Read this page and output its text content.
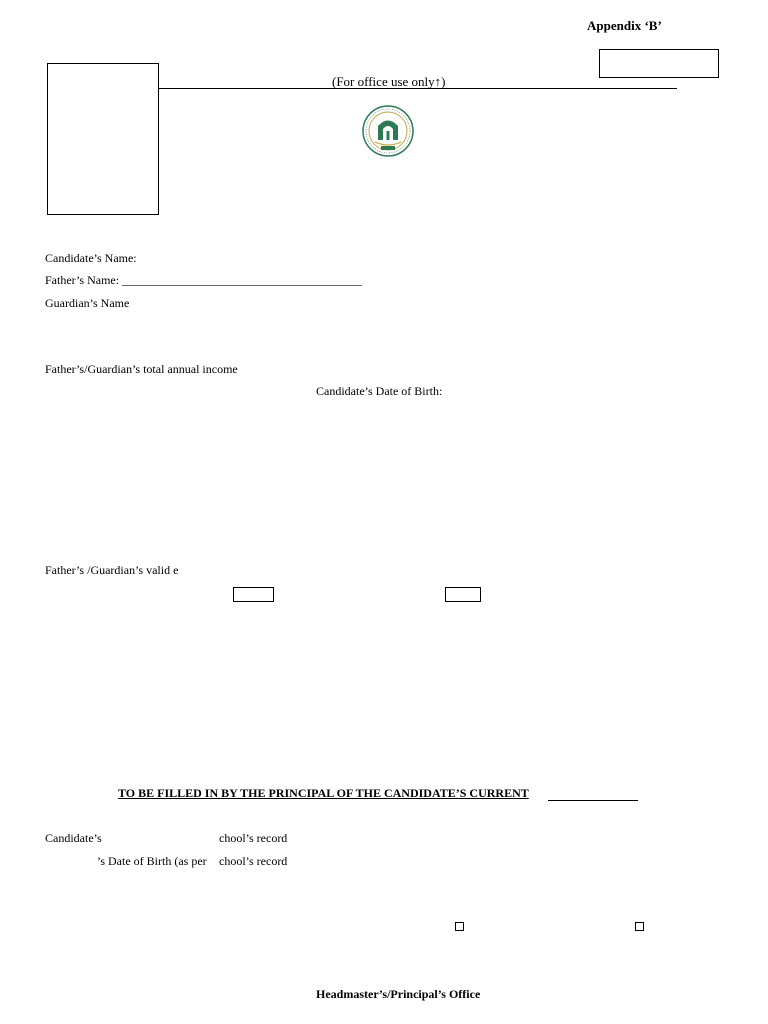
Appendix ‘B’
(For office use only↑)
Candidate’s Name:
Father’s Name: ________________________________________
Guardian’s Name
Father’s/Guardian’s total annual income
Candidate’s Date of Birth:
Father’s /Guardian’s valid e
TO BE FILLED IN BY THE PRINCIPAL OF THE CANDIDATE’S CURRENT
Candidate’s	chool’s record
’s Date of Birth (as per chool’s record
Headmaster’s/Principal’s Office
